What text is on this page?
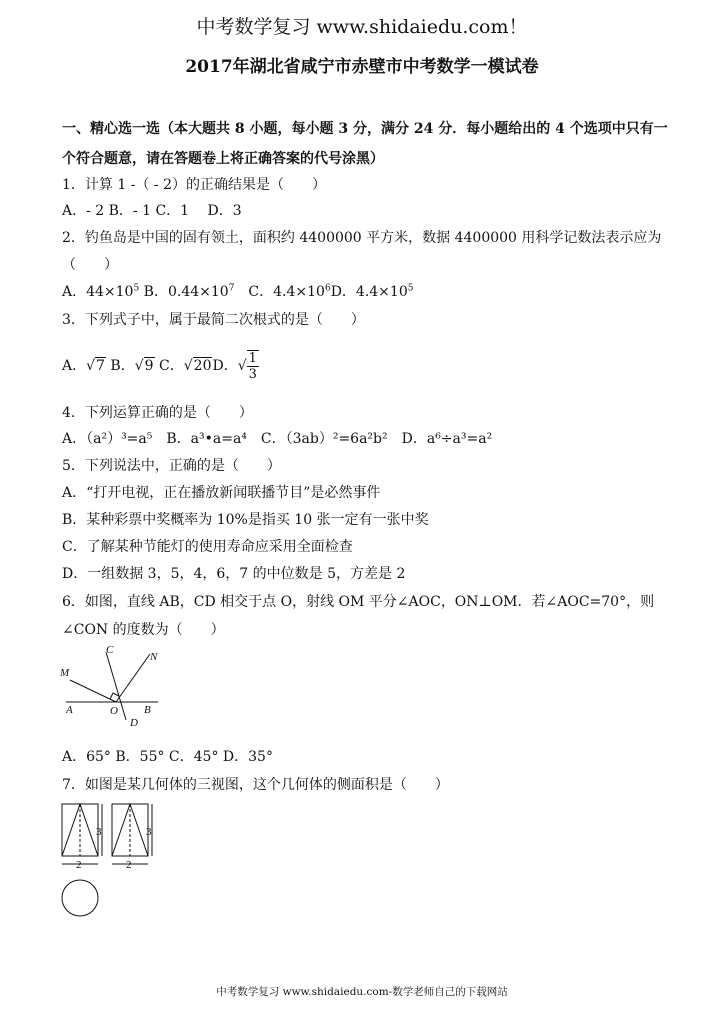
中考数学复习 www.shidaiedu.com！
2017年湖北省咸宁市赤壁市中考数学一模试卷
一、精心选一选（本大题共 8 小题，每小题 3 分，满分 24 分．每小题给出的 4 个选项中只有一
个符合题意，请在答题卷上将正确答案的代号涂黑）
1．计算 1 -（ - 2）的正确结果是（　　）
A．- 2 B．- 1 C．1　 D．3
2．钓鱼岛是中国的固有领土，面积约 4400000 平方米，数据 4400000 用科学记数法表示应为
（　　）
A．$44\times 10^5$ B．$0.44\times 10^7$　C．$4.4\times 10^6D$．$4.4\times 10^5$
3．下列式子中，属于最简二次根式的是（　　）
A．√7 B．√9 C．√20D．√ $\frac{1}{3}$
4．下列运算正确的是（　　）
A．（a²）³=a⁵　B．a³•a=a⁴　C．（3ab）²=6a²b²　D．a⁶÷a³=a²
5．下列说法中，正确的是（　　）
A．“打开电视，正在播放新闻联播节目”是必然事件
B．某种彩票中奖概率为 10%是指买 10 张一定有一张中奖
C．了解某种节能灯的使用寿命应采用全面检查
D．一组数据 3，5，4，6，7 的中位数是 5，方差是 2
6．如图，直线 AB，CD 相交于点 O，射线 OM 平分∠AOC，ON⊥OM．若∠AOC=70°，则
∠CON 的度数为（　　）
M
C
N
A	O B
D
A．65° B．55° C．45° D．35°
7．如图是某几何体的三视图，这个几何体的侧面积是（　　）
3
2
3
2
中考数学复习 www.shidaiedu.com-数学老师自己的下载网站
